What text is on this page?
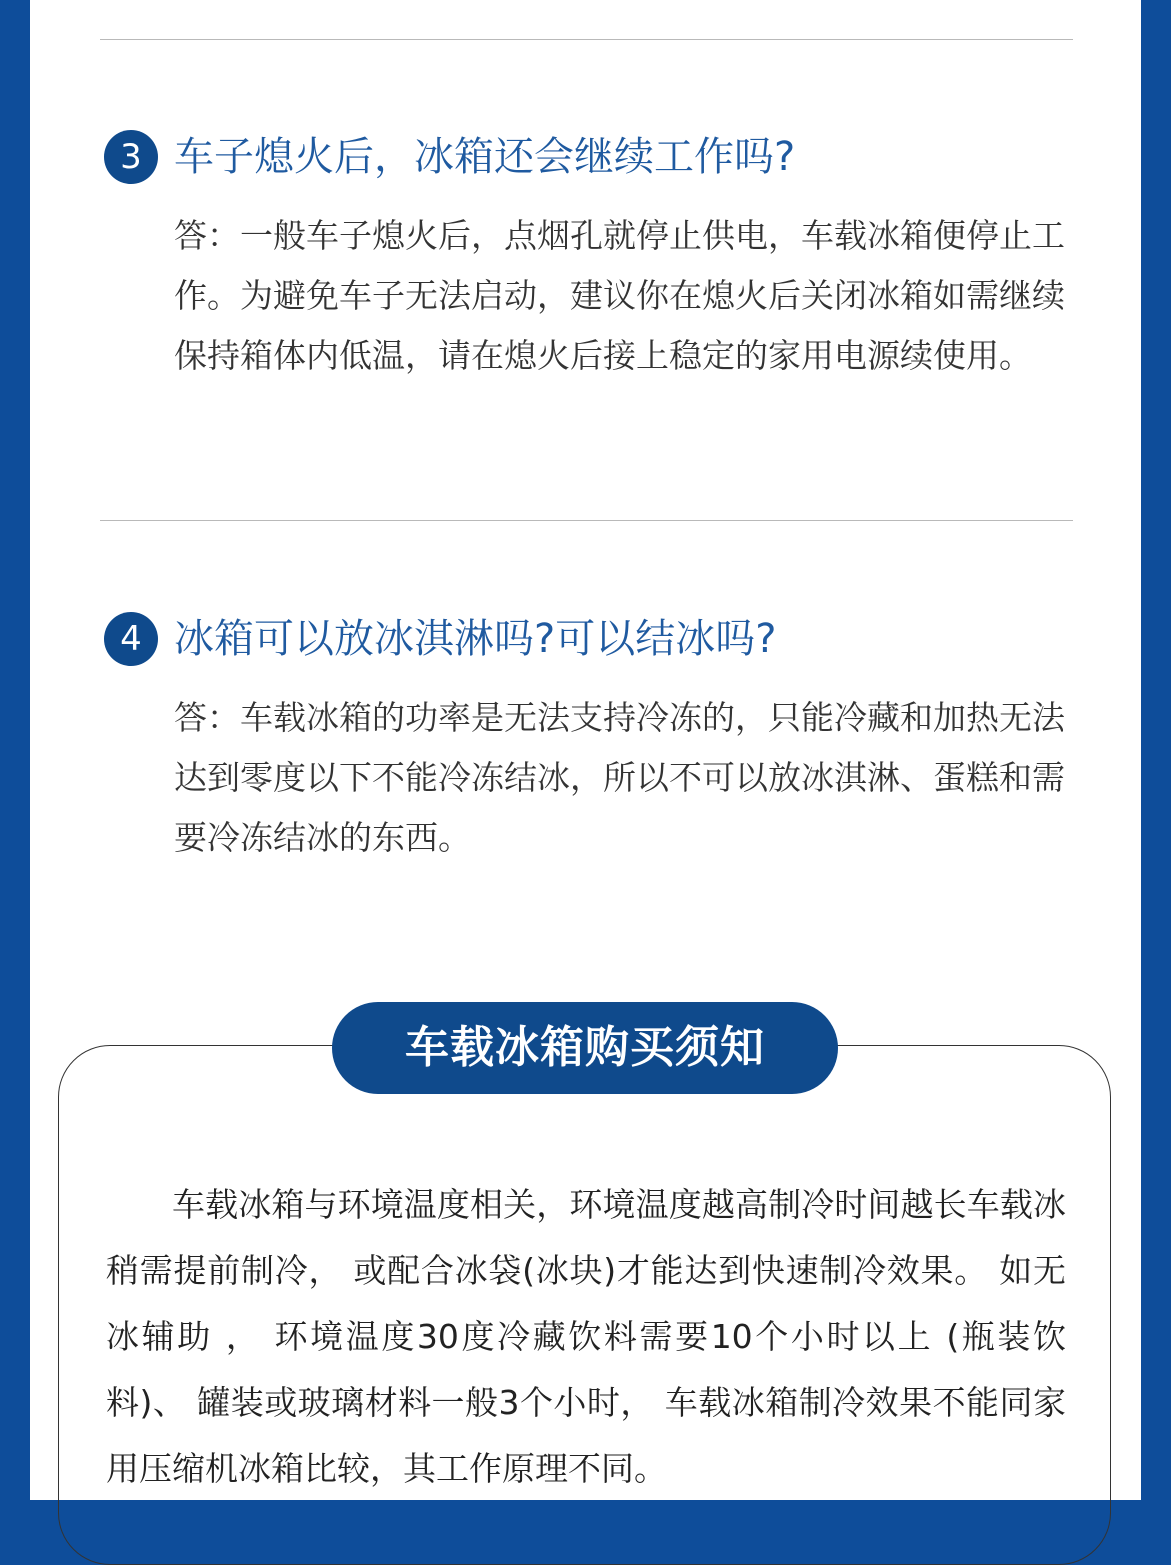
3 车子熄火后，冰箱还会继续工作吗?
答：一般车子熄火后，点烟孔就停止供电，车载冰箱便停止工作。为避免车子无法启动，建议你在熄火后关闭冰箱如需继续保持箱体内低温，请在熄火后接上稳定的家用电源续使用。
4 冰箱可以放冰淇淋吗?可以结冰吗?
答：车载冰箱的功率是无法支持冷冻的，只能冷藏和加热无法达到零度以下不能冷冻结冰，所以不可以放冰淇淋、蛋糕和需要冷冻结冰的东西。
车载冰箱购买须知
车载冰箱与环境温度相关，环境温度越高制冷时间越长车载冰稍需提前制冷， 或配合冰袋(冰块)才能达到快速制冷效果。 如无冰辅助 ， 环境温度30度冷藏饮料需要10个小时以上 (瓶装饮料)、 罐装或玻璃材料一般3个小时， 车载冰箱制冷效果不能同家用压缩机冰箱比较，其工作原理不同。
